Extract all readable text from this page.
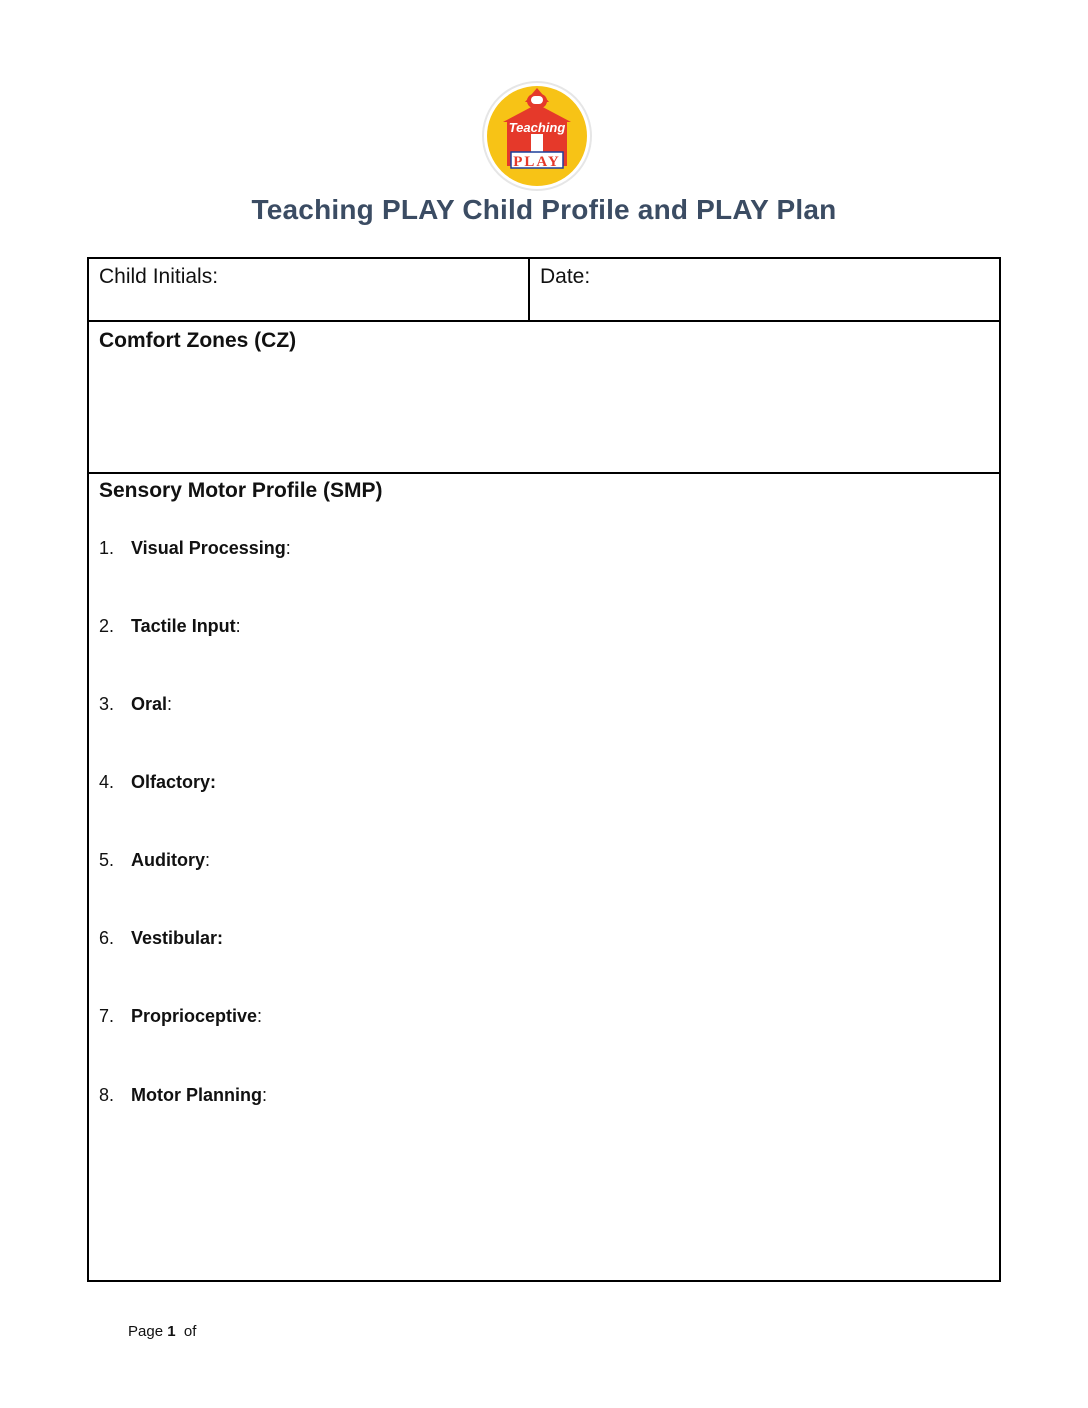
Teaching
PLAY
Teaching PLAY Child Profile and PLAY Plan
Child Initials:	Date:
Comfort Zones (CZ)
Sensory Motor Profile (SMP)
1. Visual Processing:
2. Tactile Input:
3. Oral:
4. Olfactory:
5. Auditory:
6. Vestibular:
7. Proprioceptive:
8. Motor Planning:
Page 1 of
